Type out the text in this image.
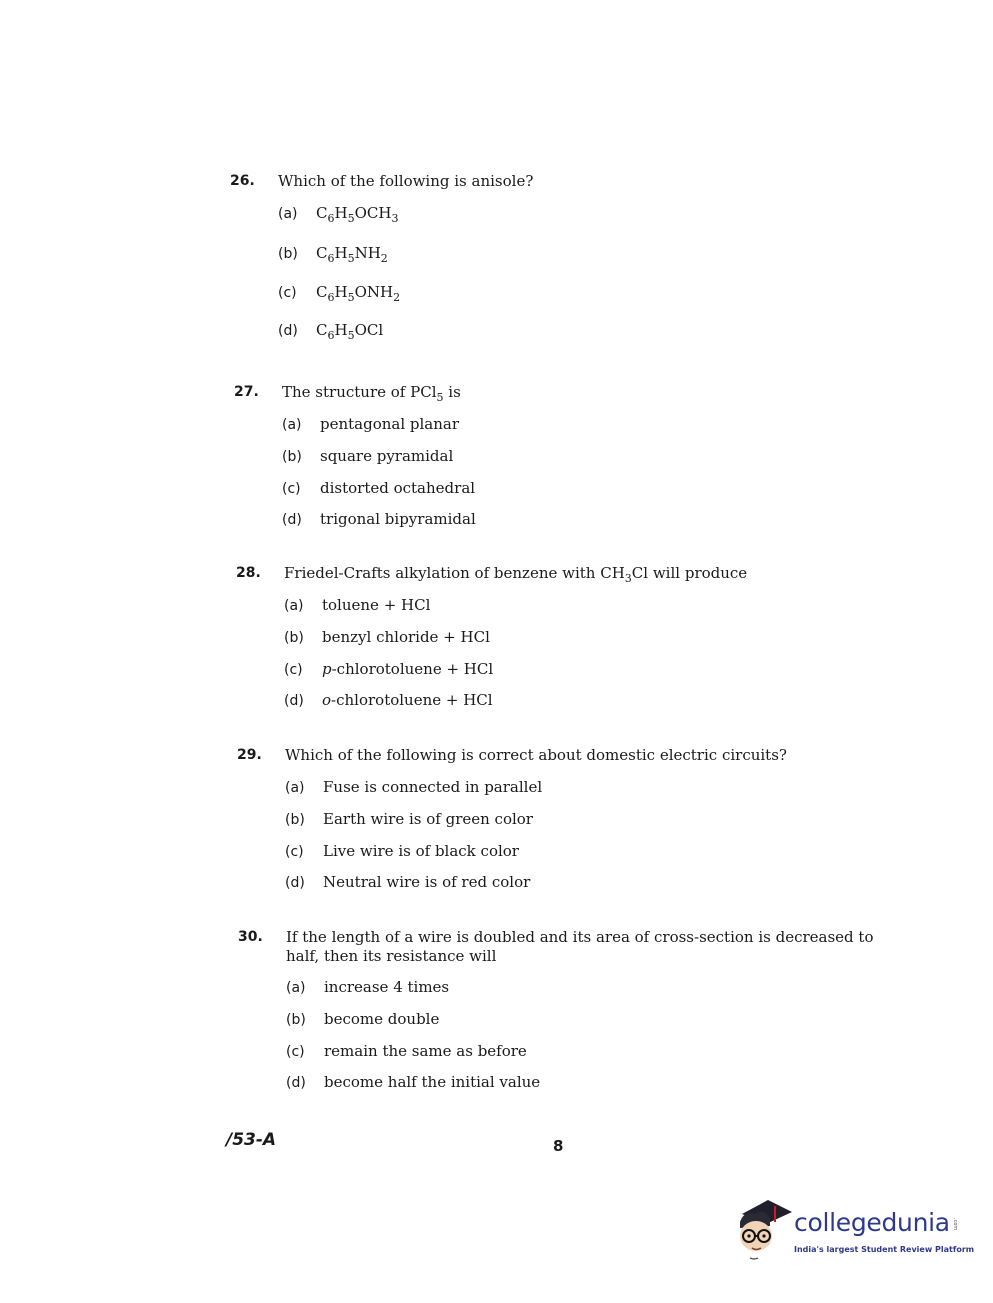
26. Which of the following is anisole?
(a) $C_6H_5OCH_3$
(b) $C_6H_5NH_2$
(c) $C_6H_5ONH_2$
(d) $C_6H_5OCl$
27. The structure of PCl$_5$ is
(a) pentagonal planar
(b) square pyramidal
(c) distorted octahedral
(d) trigonal bipyramidal
28. Friedel-Crafts alkylation of benzene with $CH_3Cl$ will produce
(a) toluene + HCl
(b) benzyl chloride + HCl
(c) p-chlorotoluene + HCl
(d) o-chlorotoluene + HCl
29. Which of the following is correct about domestic electric circuits?
(a) Fuse is connected in parallel
(b) Earth wire is of green color
(c) Live wire is of black color
(d) Neutral wire is of red color
30. If the length of a wire is doubled and its area of cross-section is decreased to half, then its resistance will
(a) increase 4 times
(b) become double
(c) remain the same as before
(d) become half the initial value
/53-A	8
collegedunia .com
India's largest Student Review Platform
